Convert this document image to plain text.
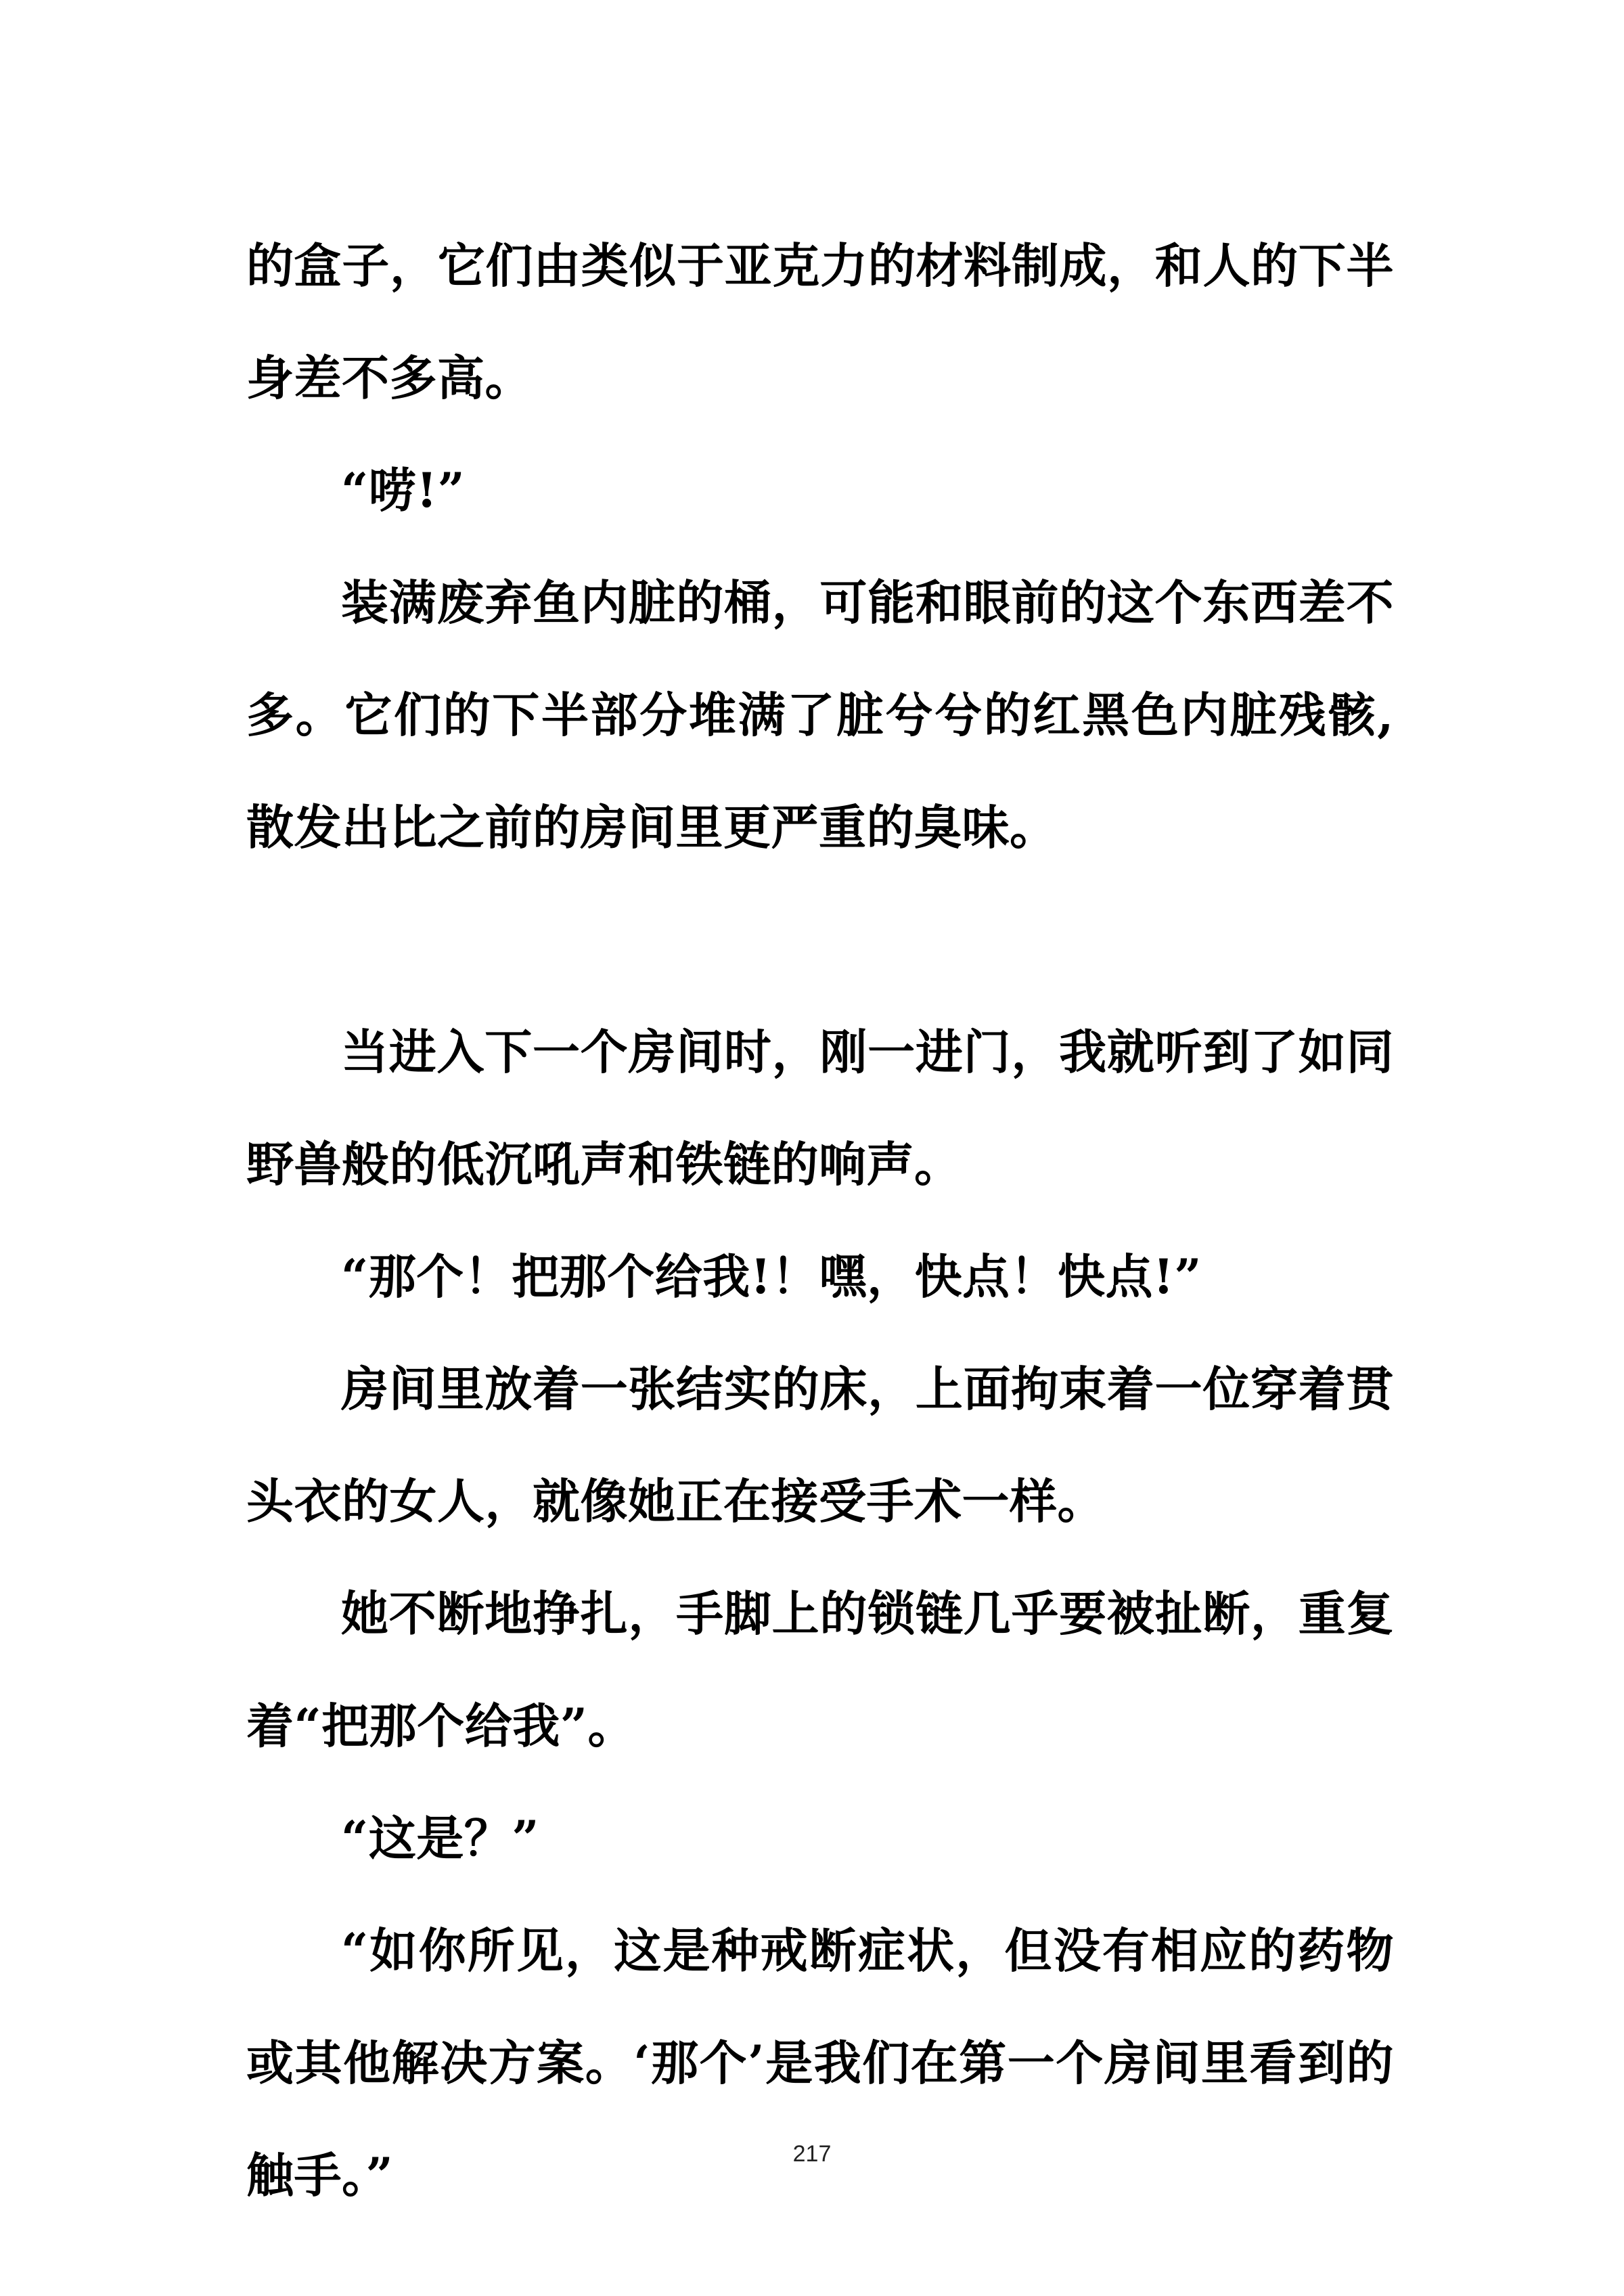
的盒子，它们由类似于亚克力的材料制成，和人的下半身差不多高。

“唠!”

装满废弃鱼内脏的桶，可能和眼前的这个东西差不多。它们的下半部分堆满了脏兮兮的红黑色内脏残骸,散发出比之前的房间里更严重的臭味。

当进入下一个房间时，刚一进门，我就听到了如同野兽般的低沉吼声和铁链的响声。

“那个！把那个给我!！嘿，快点！快点!”

房间里放着一张结实的床，上面拘束着一位穿着贯头衣的女人，就像她正在接受手术一样。

她不断地挣扎，手脚上的锁链几乎要被扯断，重复着“把那个给我”。

“这是？”

“如你所见，这是种戒断症状，但没有相应的药物或其他解决方案。‘那个’是我们在第一个房间里看到的触手。”	217
